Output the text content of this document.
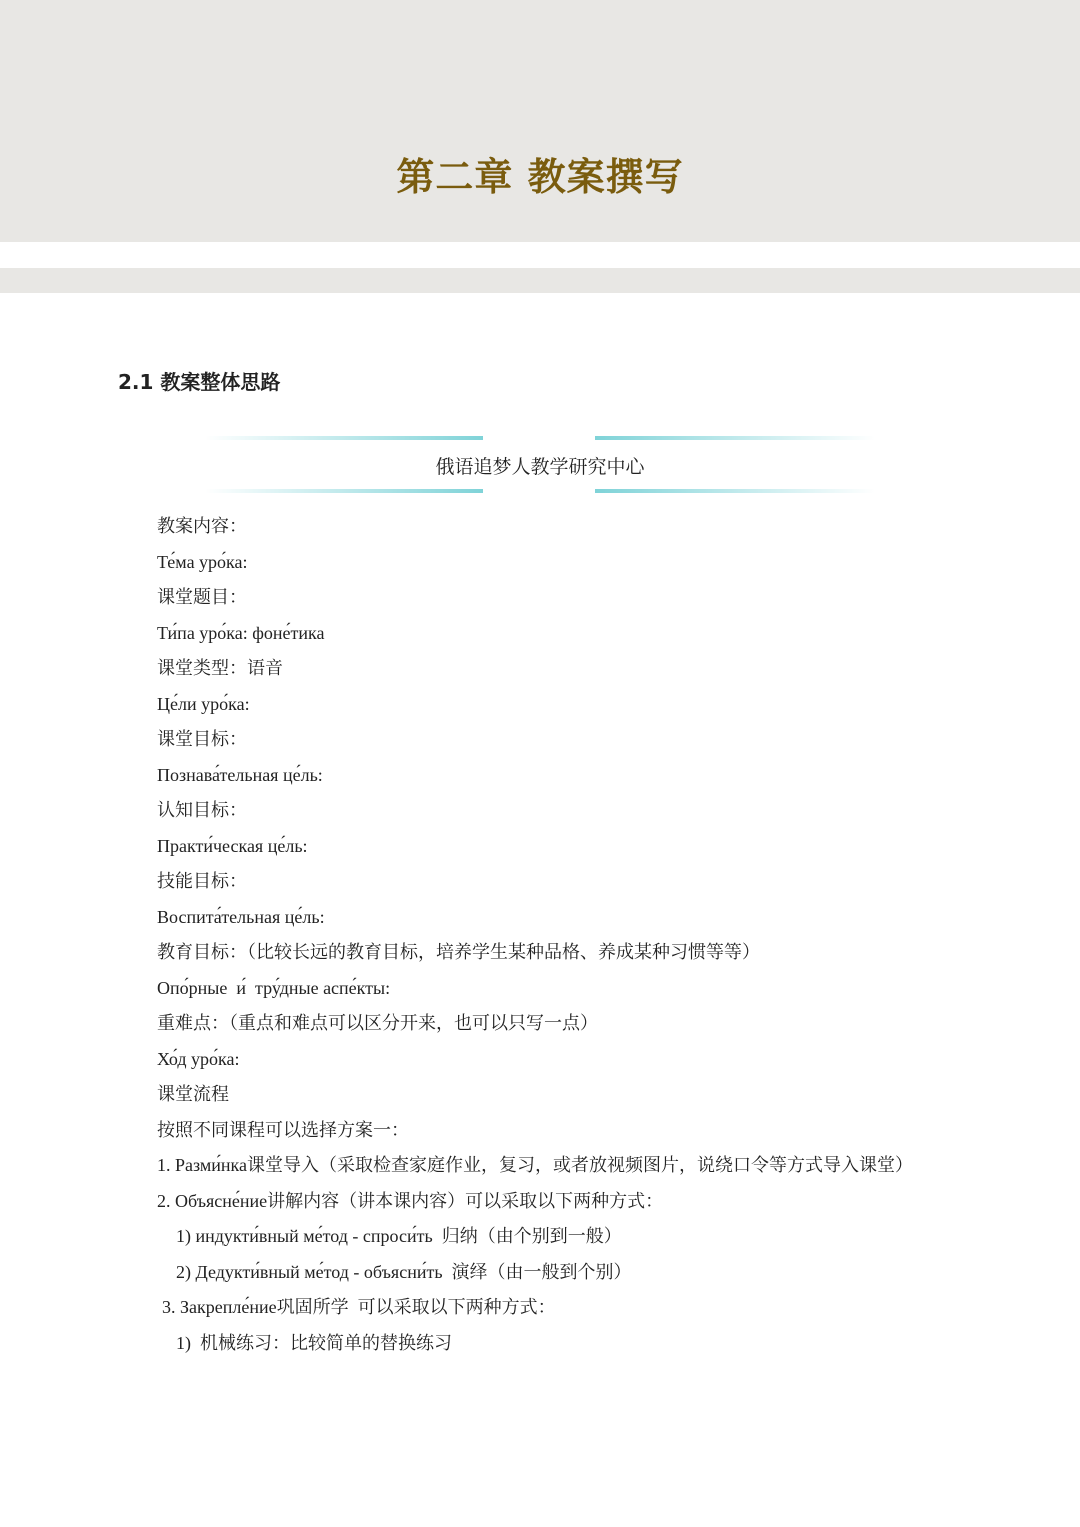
第二章 教案撰写
2.1 教案整体思路
俄语追梦人教学研究中心
教案内容：
Те́ма уро́ка:
课堂题目：
Ти́па уро́ка: фоне́тика
课堂类型：语音
Це́ли уро́ка:
课堂目标：
Познава́тельная це́ль:
认知目标：
Практи́ческая це́ль:
技能目标：
Воспита́тельная це́ль:
教育目标：（比较长远的教育目标，培养学生某种品格、养成某种习惯等等）
Опо́рные  и́  тру́дные аспе́кты:
重难点：（重点和难点可以区分开来，也可以只写一点）
Хо́д уро́ка:
课堂流程
按照不同课程可以选择方案一：
1. Разми́нка课堂导入（采取检查家庭作业，复习，或者放视频图片，说绕口令等方式导入课堂）
2. Объясне́ние讲解内容（讲本课内容）可以采取以下两种方式：
1) индукти́вный ме́тод - спроси́ть  归纳（由个别到一般）
2) Дедукти́вный ме́тод - объясни́ть  演绎（由一般到个别）
3. Закрепле́ние巩固所学  可以采取以下两种方式：
1)  机械练习：比较简单的替换练习
